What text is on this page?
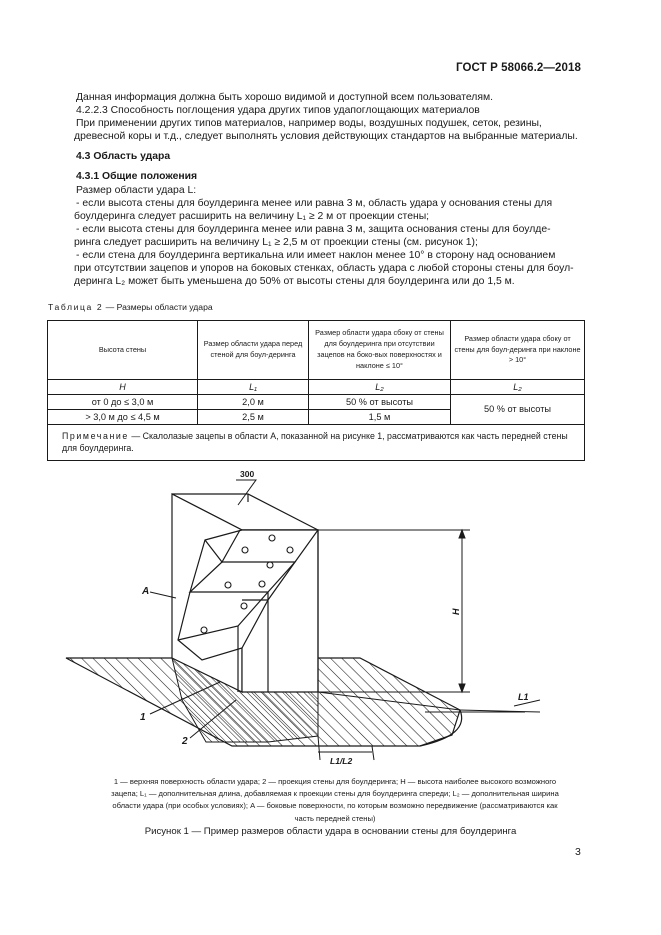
ГОСТ Р 58066.2—2018

Данная информация должна быть хорошо видимой и доступной всем пользователям.

4.2.2.3 Способность поглощения удара других типов удапоглощающих материалов

При применении других типов материалов, например воды, воздушных подушек, сеток, резины,

древесной коры и т.д., следует выполнять условия действующих стандартов на выбранные материалы.

4.3 Область удара

4.3.1 Общие положения

Размер области удара L:

- если высота стены для боулдеринга менее или равна 3 м, область удара у основания стены для

боулдеринга следует расширить на величину L₁ ≥ 2 м от проекции стены;

- если высота стены для боулдеринга менее или равна 3 м, защита основания стены для боулде-

ринга следует расширить на величину L₁ ≥ 2,5 м от проекции стены (см. рисунок 1);

- если стена для боулдеринга вертикальна или имеет наклон менее 10° в сторону над основанием

при отсутствии зацепов и упоров на боковых стенках, область удара с любой стороны стены для боул-

деринга L₂ может быть уменьшена до 50% от высоты стены для боулдеринга или до 1,5 м.

Таблица 2 — Размеры области удара
Высота стены	Размер области удара перед стеной для боул-деринга	Размер области удара сбоку от стены для боулдеринга при отсутствии зацепов на боко-вых поверхностях и наклоне ≤ 10°	Размер области удара сбоку от стены для боул-деринга при наклоне > 10°
H	L₁	L₂	L₂
от 0 до ≤ 3,0 м	2,0 м	50 % от высоты	50 % от высоты
> 3,0 м до ≤ 4,5 м	2,5 м	1,5 м	
Примечание — Скалолазые зацепы в области А, показанной на рисунке 1, рассматриваются как часть передней стены для боулдеринга.			
300
A
H
1
2
L1
L1/L2
1 — верхняя поверхность области удара; 2 — проекция стены для боулдеринга; H — высота наиболее высокого возможного
зацепа; L₁ — дополнительная длина, добавляемая к проекции стены для боулдеринга спереди; L₂ — дополнительная ширина
области удара (при особых условиях); A — боковые поверхности, по которым возможно передвижение (рассматриваются как
часть передней стены)
Рисунок 1 — Пример размеров области удара в основании стены для боулдеринга
3
